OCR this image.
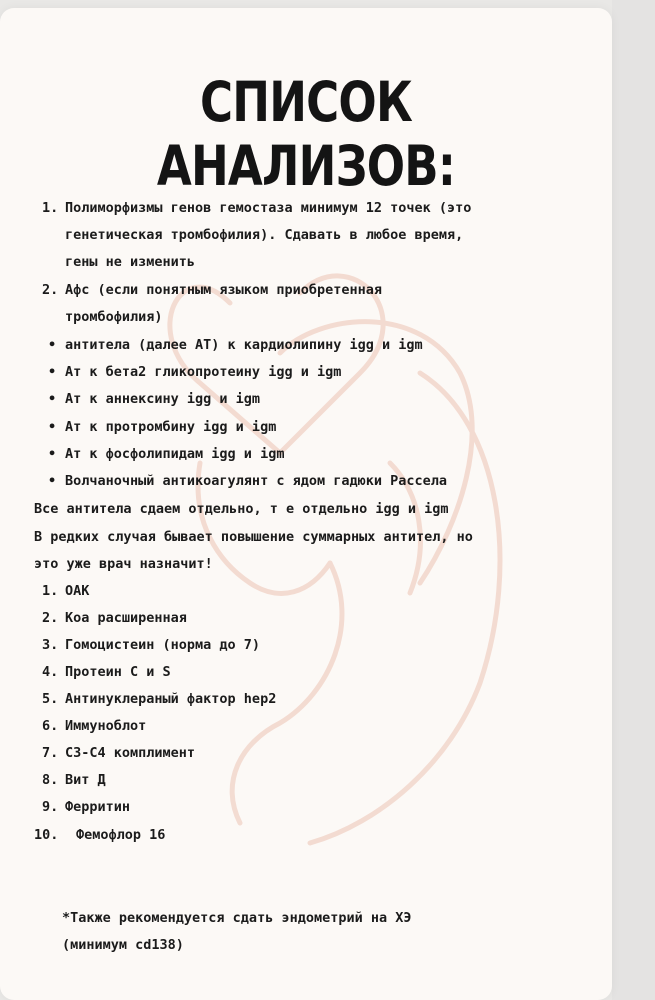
СПИСОК АНАЛИЗОВ:
1. Полиморфизмы генов гемостаза минимум 12 точек (это
генетическая тромбофилия). Сдавать в любое время,
гены не изменить
2. Афс (если понятным языком приобретенная
тромбофилия)
• антитела (далее АТ) к кардиолипину igg и igm
• Ат к бета2 гликопротеину igg и igm
• Ат к аннексину igg и igm
• Ат к протромбину igg и igm
• Ат к фосфолипидам igg и igm
• Волчаночный антикоагулянт с ядом гадюки Рассела
Все антитела сдаем отдельно, т е отдельно igg и igm
В редких случая бывает повышение суммарных антител, но
это уже врач назначит!
1. ОАК
2. Коа расширенная
3. Гомоцистеин (норма до 7)
4. Протеин С и S
5. Антинуклераный фактор hep2
6. Иммуноблот
7. С3-С4 комплимент
8. Вит Д
9. Ферритин
10. Фемофлор 16
*Также рекомендуется сдать эндометрий на ХЭ
(минимум cd138)
